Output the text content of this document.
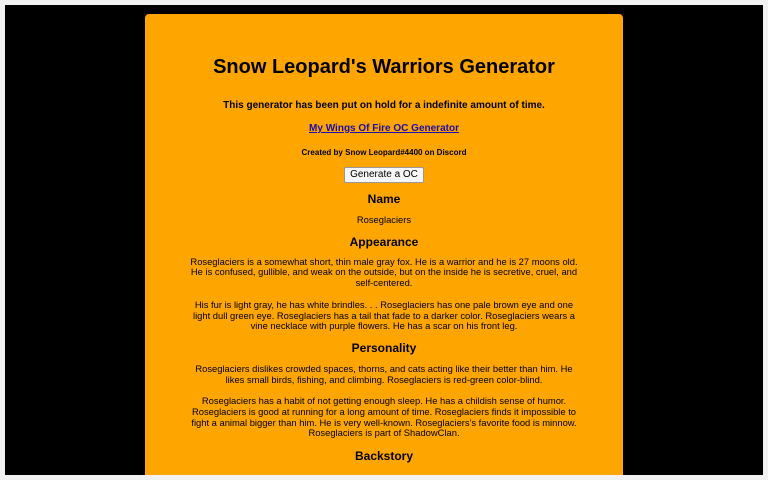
Snow Leopard's Warriors Generator
This generator has been put on hold for a indefinite amount of time.
My Wings Of Fire OC Generator
Created by Snow Leopard#4400 on Discord
Generate a OC
Name
Roseglaciers
Appearance

Roseglaciers is a somewhat short, thin male gray fox. He is a warrior and he is 27 moons old. He is confused, gullible, and weak on the outside, but on the inside he is secretive, cruel, and self-centered.

His fur is light gray, he has white brindles. . . Roseglaciers has one pale brown eye and one light dull green eye. Roseglaciers has a tail that fade to a darker color. Roseglaciers wears a vine necklace with purple flowers. He has a scar on his front leg.

Personality

Roseglaciers dislikes crowded spaces, thorns, and cats acting like their better than him. He likes small birds, fishing, and climbing. Roseglaciers is red-green color-blind.

Roseglaciers has a habit of not getting enough sleep. He has a childish sense of humor. Roseglaciers is good at running for a long amount of time. Roseglaciers finds it impossible to fight a animal bigger than him. He is very well-known. Roseglaciers's favorite food is minnow. Roseglaciers is part of ShadowClan.

Backstory
